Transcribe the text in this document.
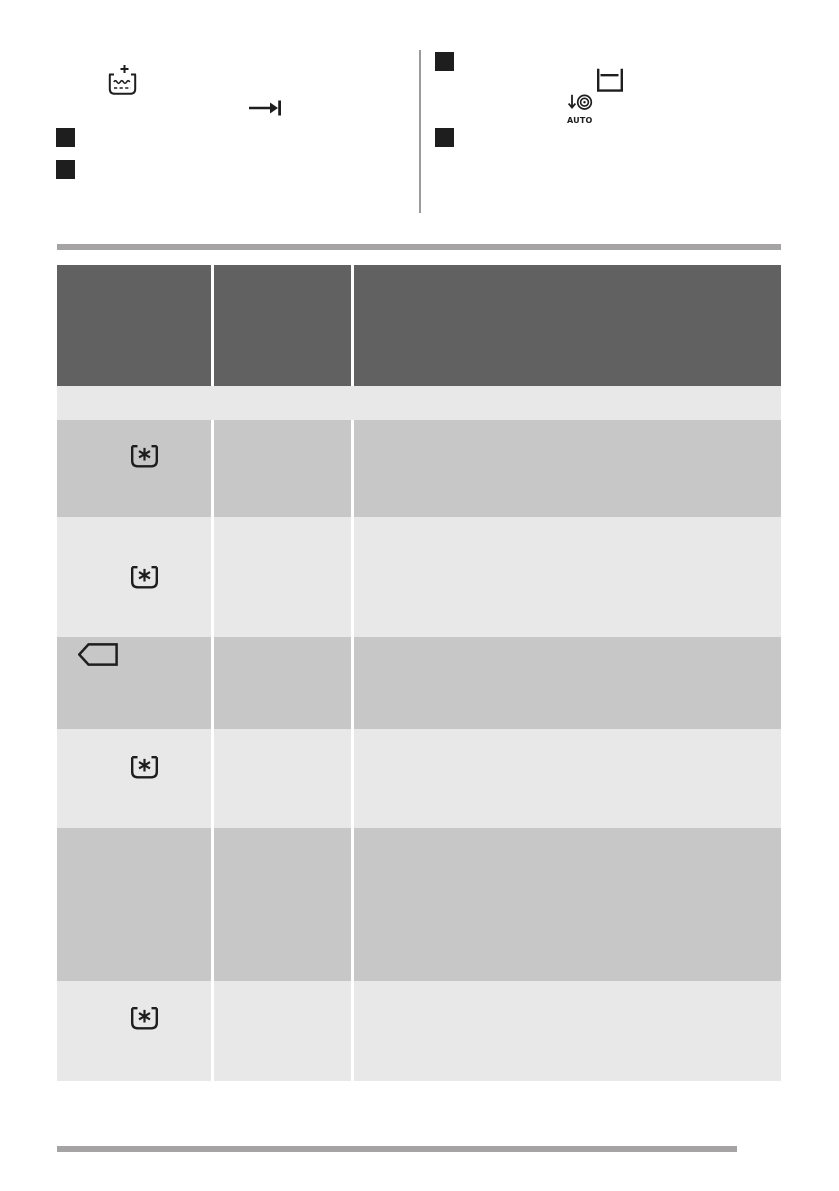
AUTO
